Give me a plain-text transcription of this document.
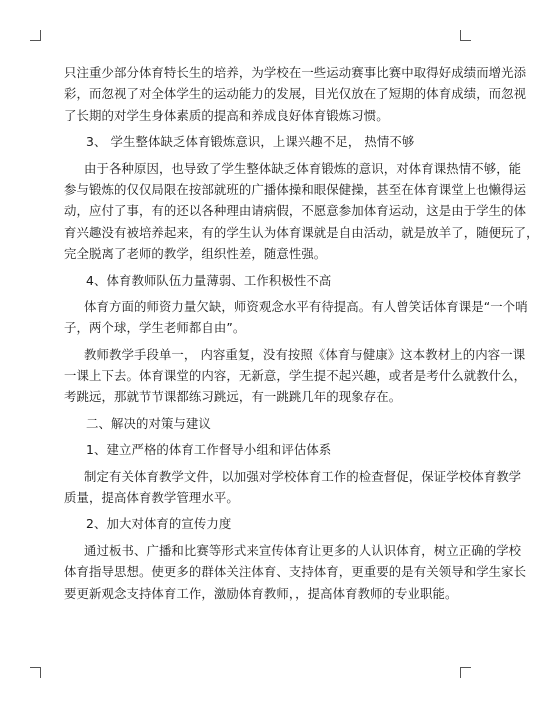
只注重少部分体育特长生的培养，为学校在一些运动赛事比赛中取得好成绩而增光添
彩，而忽视了对全体学生的运动能力的发展，目光仅放在了短期的体育成绩，而忽视
了长期的对学生身体素质的提高和养成良好体育锻炼习惯。
3、 学生整体缺乏体育锻炼意识，上课兴趣不足， 热情不够
由于各种原因，也导致了学生整体缺乏体育锻炼的意识，对体育课热情不够，能
参与锻炼的仅仅局限在按部就班的广播体操和眼保健操，甚至在体育课堂上也懒得运
动，应付了事，有的还以各种理由请病假，不愿意参加体育运动，这是由于学生的体
育兴趣没有被培养起来，有的学生认为体育课就是自由活动，就是放羊了，随便玩了，
完全脱离了老师的教学，组织性差，随意性强。
4、体育教师队伍力量薄弱、工作积极性不高
体育方面的师资力量欠缺，师资观念水平有待提高。有人曾笑话体育课是“一个哨
子，两个球，学生老师都自由”。
教师教学手段单一， 内容重复，没有按照《体育与健康》这本教材上的内容一课
一课上下去。体育课堂的内容，无新意，学生提不起兴趣，或者是考什么就教什么，
考跳远，那就节节课都练习跳远，有一跳跳几年的现象存在。
二、解决的对策与建议
1、建立严格的体育工作督导小组和评估体系
制定有关体育教学文件，以加强对学校体育工作的检查督促，保证学校体育教学
质量，提高体育教学管理水平。
2、加大对体育的宣传力度
通过板书、广播和比赛等形式来宣传体育让更多的人认识体育，树立正确的学校
体育指导思想。使更多的群体关注体育、支持体育，更重要的是有关领导和学生家长
要更新观念支持体育工作，激励体育教师，，提高体育教师的专业职能。
